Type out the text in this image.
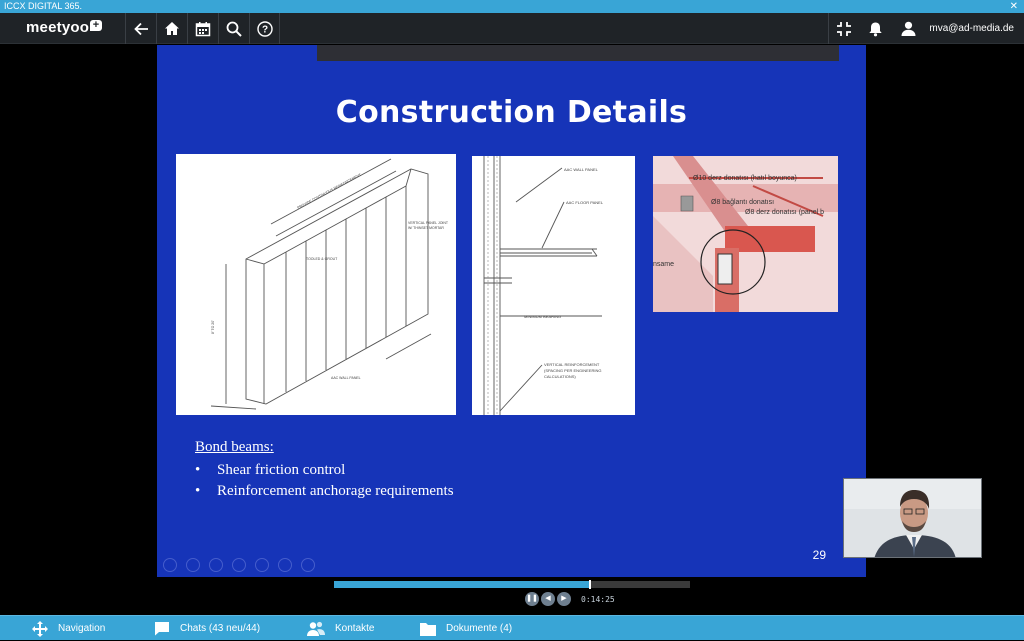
ICCX DIGITAL 365.	✕
meetyoo +	?	mva@ad-media.de
Construction Details
PROVIDE CONTINUOUS REINFORCEMENT
VERTICAL PANEL JOINT
W/ THINSET MORTAR
TOOLED & GROUT
AAC WALL PANEL
8' TO 20'
AAC WALL PANEL
AAC FLOOR PANEL
MINIMUM BEARING
VERTICAL REINFORCEMENT
(SPACING PER ENGINEERING
CALCULATIONS)
Ø10 derz donatısı (hatıl boyunca)
Ø8 bağlantı donatısı
Ø8 derz donatısı (panel b
nsame
Bond beams:
• Shear friction control
• Reinforcement anchorage requirements
29
❚❚	◀	▶	0:14:25
Navigation	Chats (43 neu/44)	Kontakte	Dokumente (4)
